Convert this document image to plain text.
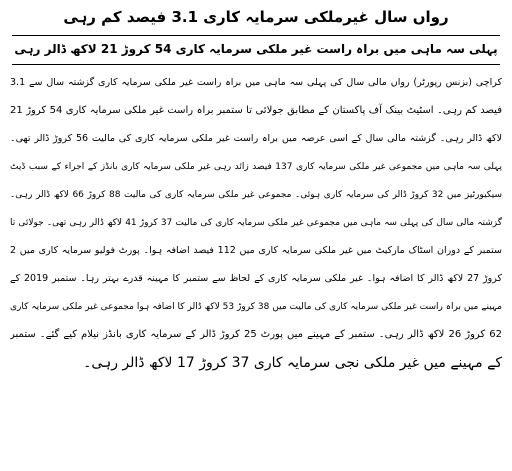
رواں سال غیرملکی سرمایہ کاری 3.1 فیصد کم رہی
پہلی سہ ماہی میں براہ راست غیر ملکی سرمایہ کاری 54 کروڑ 21 لاکھ ڈالر رہی
کراچی (بزنس رپورٹر) رواں مالی سال کی پہلی سہ ماہی میں براہ راست غیر ملکی سرمایہ کاری گزشتہ سال سے 3.1
فیصد کم رہی۔ اسٹیٹ بینک آف پاکستان کے مطابق جولائی تا ستمبر براہ راست غیر ملکی سرمایہ کاری 54 کروڑ 21
لاکھ ڈالر رہی۔ گزشتہ مالی سال کے اسی عرصہ میں براہ راست غیر ملکی سرمایہ کاری کی مالیت 56 کروڑ ڈالر تھی۔
پہلی سہ ماہی میں مجموعی غیر ملکی سرمایہ کاری 137 فیصد زائد رہی غیر ملکی سرمایہ کاری بانڈز کے اجراء کے سبب ڈیٹ
سیکیورٹیز میں 32 کروڑ ڈالر کی سرمایہ کاری ہوئی۔ مجموعی غیر ملکی سرمایہ کاری کی مالیت 88 کروڑ 66 لاکھ ڈالر رہی۔
گزشتہ مالی سال کی پہلی سہ ماہی میں مجموعی غیر ملکی سرمایہ کاری کی مالیت 37 کروڑ 41 لاکھ ڈالر رہی تھی۔ جولائی تا
ستمبر کے دوران اسٹاک مارکیٹ میں غیر ملکی سرمایہ کاری میں 112 فیصد اضافہ ہوا۔ پورٹ فولیو سرمایہ کاری میں 2
کروڑ 27 لاکھ ڈالر کا اضافہ ہوا۔ غیر ملکی سرمایہ کاری کے لحاظ سے ستمبر کا مہینہ قدرے بہتر رہا۔ ستمبر 2019 کے
مہینے میں براہ راست غیر ملکی سرمایہ کاری کی مالیت میں 38 کروڑ 53 لاکھ ڈالر کا اضافہ ہوا مجموعی غیر ملکی سرمایہ کاری
62 کروڑ 26 لاکھ ڈالر رہی۔ ستمبر کے مہینے میں پورٹ 25 کروڑ ڈالر کے سرمایہ کاری بانڈز نیلام کیے گئے۔ ستمبر
کے مہینے میں غیر ملکی نجی سرمایہ کاری 37 کروڑ 17 لاکھ ڈالر رہی۔
